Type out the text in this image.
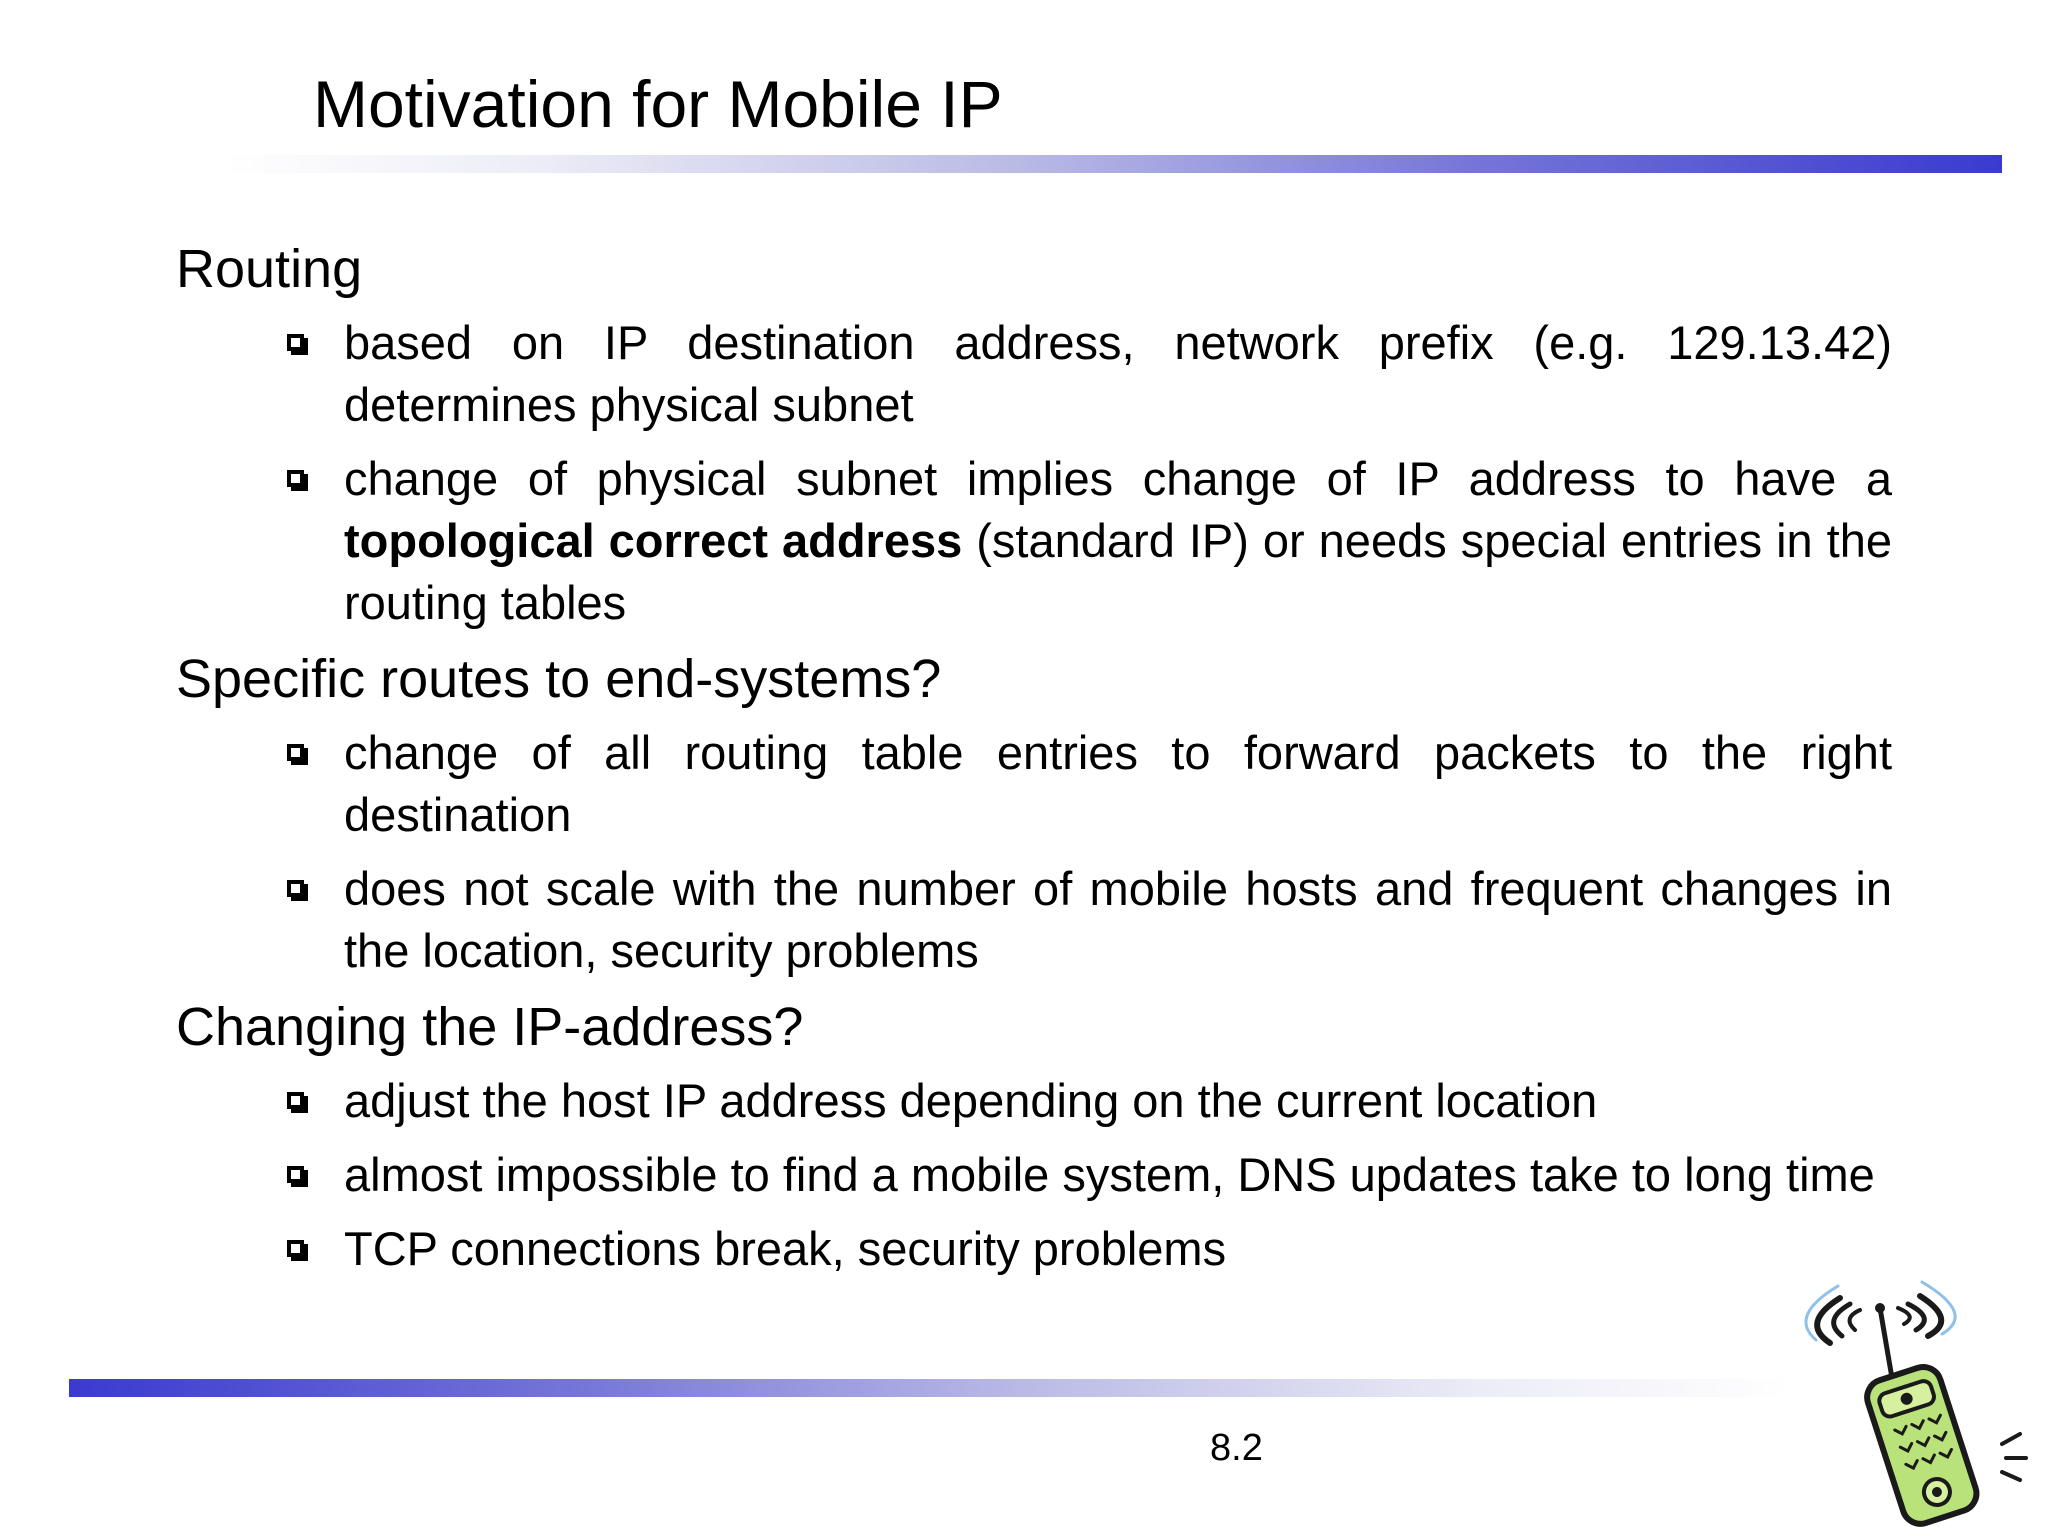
Motivation for Mobile IP
Routing
based on IP destination address, network prefix (e.g. 129.13.42) determines physical subnet
change of physical subnet implies change of IP address to have a topological correct address (standard IP) or needs special entries in the routing tables
Specific routes to end-systems?
change of all routing table entries to forward packets to the right destination
does not scale with the number of mobile hosts and frequent changes in the location, security problems
Changing the IP-address?
adjust the host IP address depending on the current location
almost impossible to find a mobile system, DNS updates take to long time
TCP connections break, security problems
8.2
